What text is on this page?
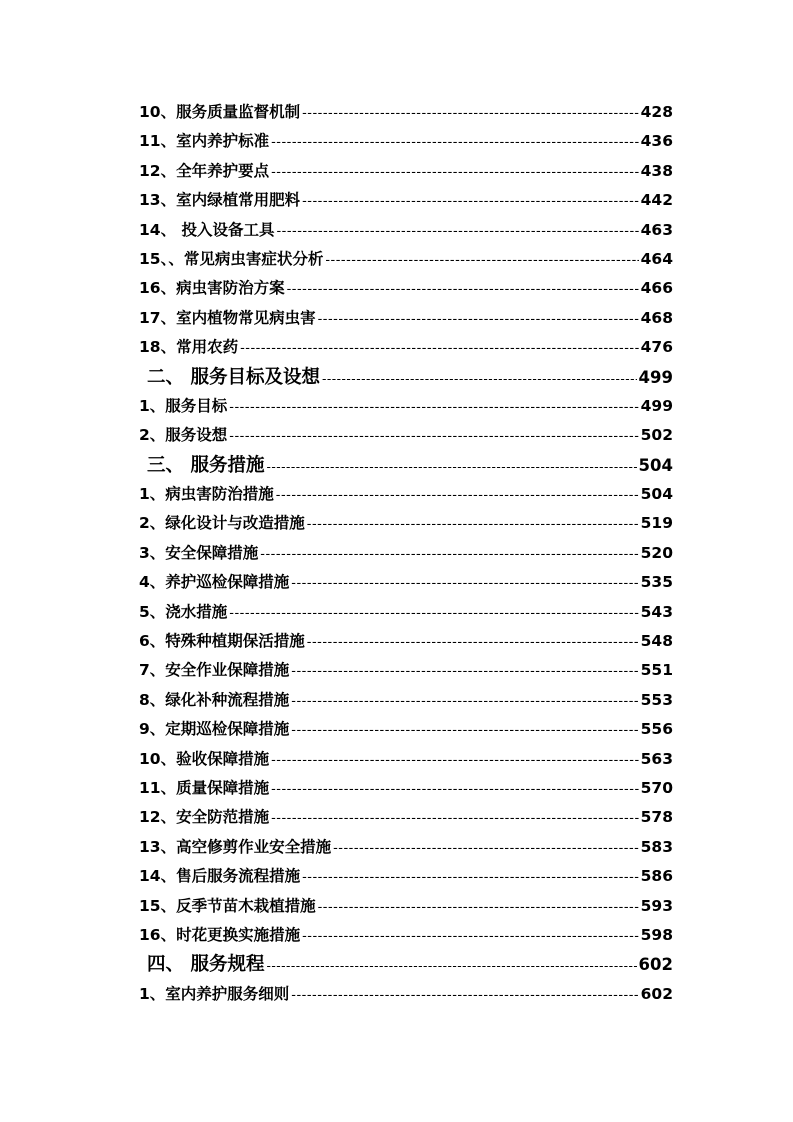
10、服务质量监督机制 -----	428
11、室内养护标准 -----	436
12、全年养护要点 -----	438
13、室内绿植常用肥料 -----	442
14、 投入设备工具 -----	463
15、、常见病虫害症状分析 -----	464
16、病虫害防治方案 -----	466
17、室内植物常见病虫害 -----	468
18、常用农药 -----	476
二、 服务目标及设想 -----	499
1、服务目标 -----	499
2、服务设想 -----	502
三、 服务措施 -----	504
1、病虫害防治措施 -----	504
2、绿化设计与改造措施 -----	519
3、安全保障措施 -----	520
4、养护巡检保障措施 -----	535
5、浇水措施 -----	543
6、特殊种植期保活措施 -----	548
7、安全作业保障措施 -----	551
8、绿化补种流程措施 -----	553
9、定期巡检保障措施 -----	556
10、验收保障措施 -----	563
11、质量保障措施 -----	570
12、安全防范措施 -----	578
13、高空修剪作业安全措施 -----	583
14、售后服务流程措施 -----	586
15、反季节苗木栽植措施 -----	593
16、时花更换实施措施 -----	598
四、 服务规程 -----	602
1、室内养护服务细则 -----	602
